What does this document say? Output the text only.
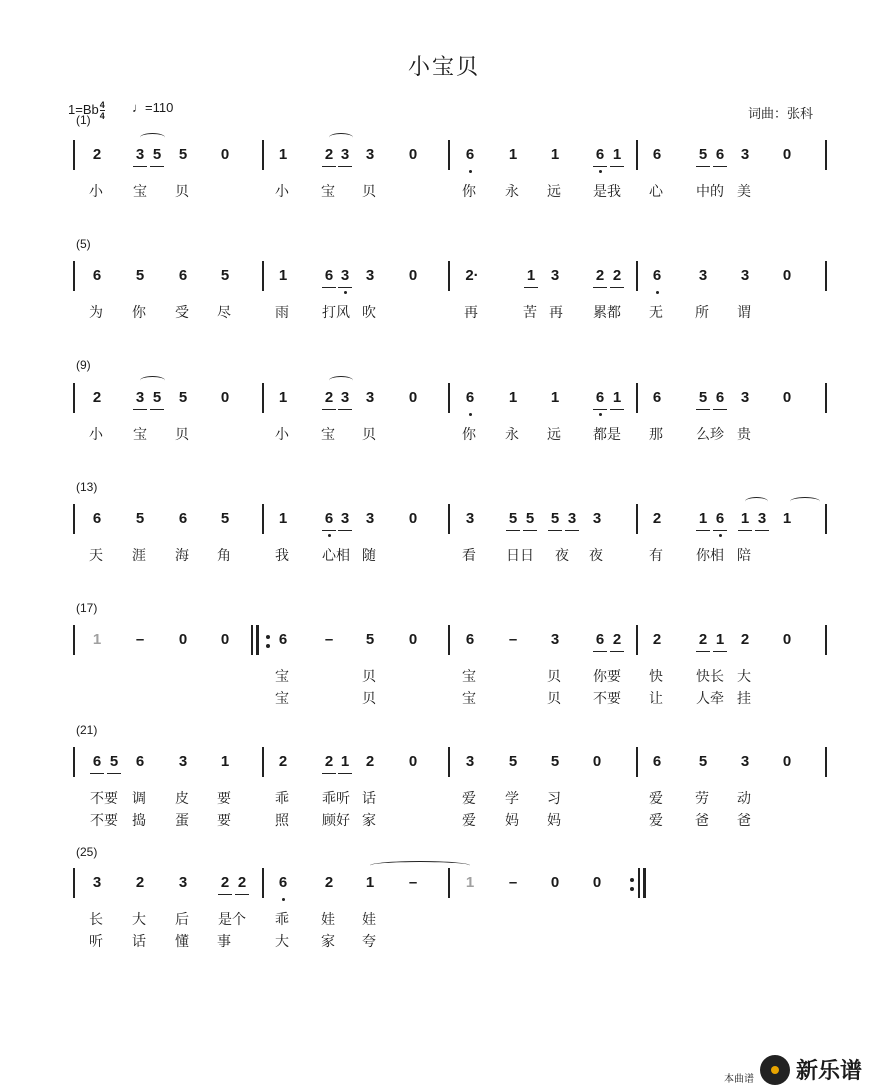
小宝贝
$1=Bb \frac{4}{4}$ ♩=110	词曲：张科
(1)
2	3 5	5	0	1	2 3	3	0	6	1	1	6 1	6	5 6	3	0
小 宝 贝	小 宝 贝	你 永 远	是我	心	中的 美
(5)
6	5	6	5	1	6 3	3	0	2·	1	3	2 2	6	3	3	0
为 你 受 尽	雨	打风 吹	再	苦 再	累都	无 所 谓
(9)
2	3 5	5	0	1	2 3	3	0	6	1	1	6 1	6	5 6	3	0
小 宝 贝	小 宝 贝	你 永 远	都是	那	么珍 贵
(13)
6	5	6	5	1	6 3	3	0	3	5 5	5 3	3	2	1 6	1 3	1
天 涯 海 角	我	心相 随	看	日日	夜 夜	有	你相 陪
(17)
1	–	0	0	6	–	5	0	6	–	3	6 2	2	2 1	2	0
宝	贝	宝	贝	你要	快	快长 大
宝	贝	宝	贝	不要	让	人牵 挂
(21)
6 5	6	3	1	2	2 1	2	0	3	5	5	0	6	5	3	0
不要	调 皮 要	乖	乖听 话	爱 学 习	爱 劳 动
不要	捣 蛋 要	照	顾好 家	爱 妈 妈	爱 爸 爸
(25)
3	2	3	2 2	6	2	1	–	1	–	0	0
长 大 后	是个	乖 娃 娃
听 话 懂 事	大 家 夸
本曲谱 新乐谱
